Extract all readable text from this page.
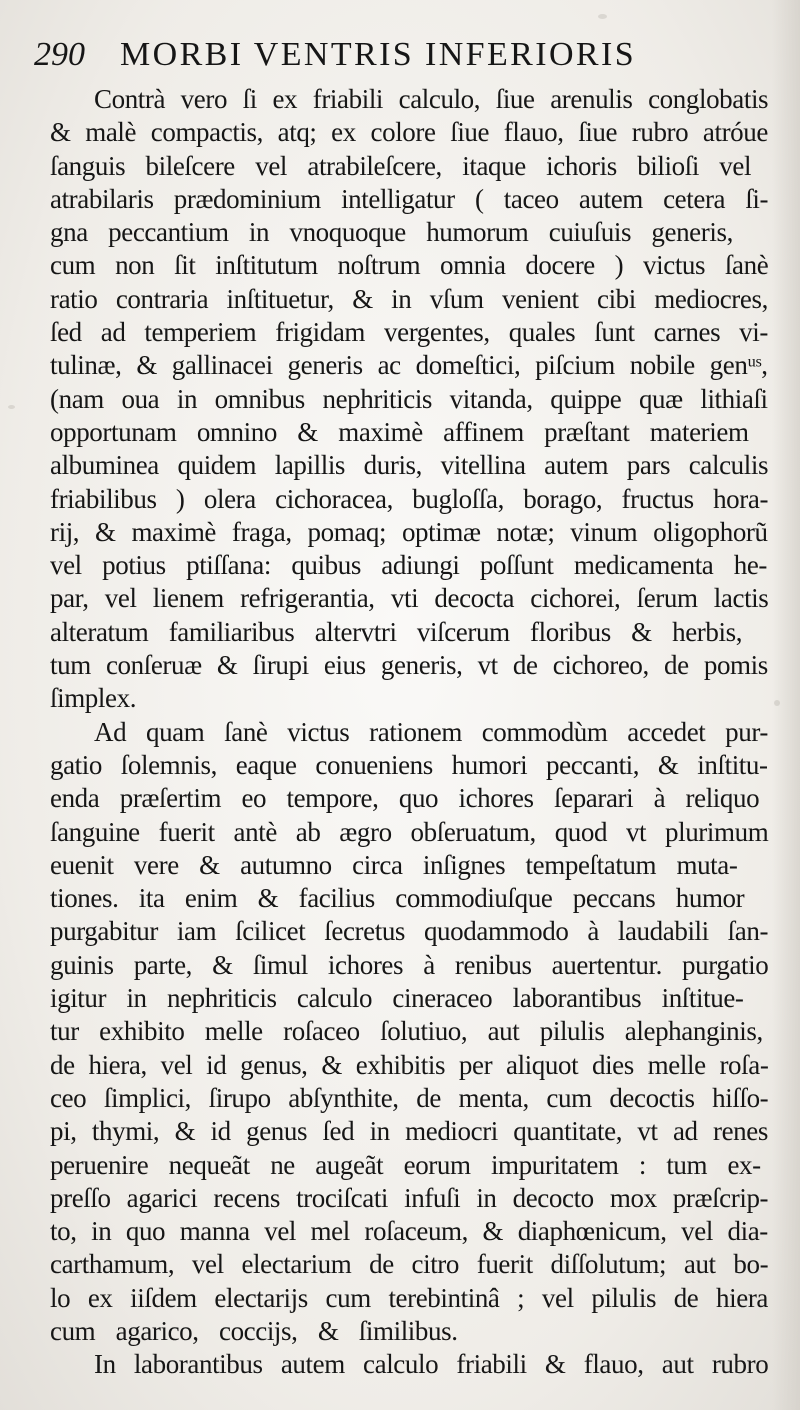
290	MORBI VENTRIS INFERIORIS
Contrà vero ſi ex friabili calculo, ſiue arenulis conglobatis
& malè compactis, atq; ex colore ſiue flauo, ſiue rubro atróue
ſanguis bileſcere vel atrabileſcere, itaque ichoris bilioſi vel
atrabilaris prædominium intelligatur ( taceo autem cetera ſi-
gna peccantium in vnoquoque humorum cuiuſuis generis,
cum non ſit inſtitutum noſtrum omnia docere ) victus ſanè
ratio contraria inſtituetur, & in vſum venient cibi mediocres,
ſed ad temperiem frigidam vergentes, quales ſunt carnes vi-
tulinæ, & gallinacei generis ac domeſtici, piſcium nobile genᵘˢ,
(nam oua in omnibus nephriticis vitanda, quippe quæ lithiaſi
opportunam omnino & maximè affinem præſtant materiem
albuminea quidem lapillis duris, vitellina autem pars calculis
friabilibus ) olera cichoracea, bugloſſa, borago, fructus hora-
rij, & maximè fraga, pomaq; optimæ notæ; vinum oligophorũ
vel potius ptiſſana: quibus adiungi poſſunt medicamenta he-
par, vel lienem refrigerantia, vti decocta cichorei, ſerum lactis
alteratum familiaribus altervtri viſcerum floribus & herbis,
tum conſeruæ & ſirupi eius generis, vt de cichoreo, de pomis
ſimplex.
Ad quam ſanè victus rationem commodùm accedet pur-
gatio ſolemnis, eaque conueniens humori peccanti, & inſtitu-
enda præſertim eo tempore, quo ichores ſeparari à reliquo
ſanguine fuerit antè ab ægro obſeruatum, quod vt plurimum
euenit vere & autumno circa inſignes tempeſtatum muta-
tiones. ita enim & facilius commodiuſque peccans humor
purgabitur iam ſcilicet ſecretus quodammodo à laudabili ſan-
guinis parte, & ſimul ichores à renibus auertentur. purgatio
igitur in nephriticis calculo cineraceo laborantibus inſtitue-
tur exhibito melle roſaceo ſolutiuo, aut pilulis alephanginis,
de hiera, vel id genus, & exhibitis per aliquot dies melle roſa-
ceo ſimplici, ſirupo abſynthite, de menta, cum decoctis hiſſo-
pi, thymi, & id genus ſed in mediocri quantitate, vt ad renes
peruenire nequeãt ne augeãt eorum impuritatem : tum ex-
preſſo agarici recens trociſcati infuſi in decocto mox præſcrip-
to, in quo manna vel mel roſaceum, & diaphœnicum, vel dia-
carthamum, vel electarium de citro fuerit diſſolutum; aut bo-
lo ex iiſdem electarijs cum terebintinâ ; vel pilulis de hiera
cum agarico, coccijs, & ſimilibus.
In laborantibus autem calculo friabili & flauo, aut rubro
